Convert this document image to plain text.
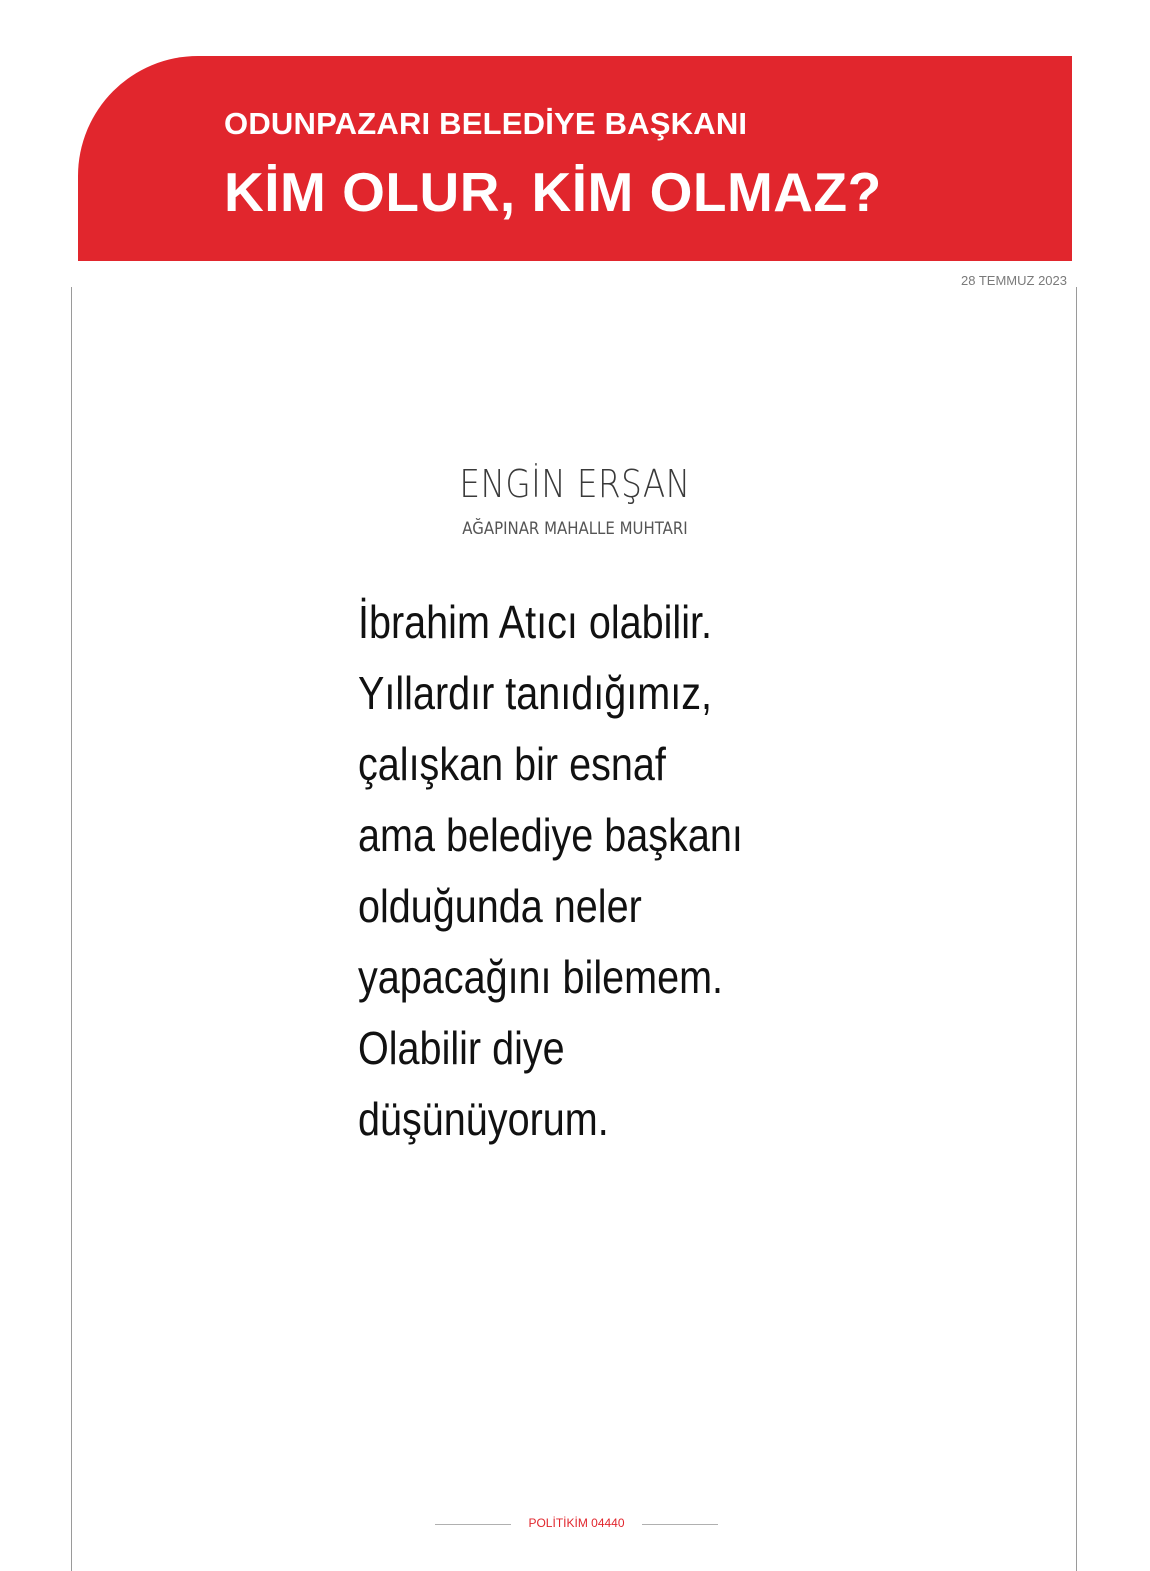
ODUNPAZARI BELEDİYE BAŞKANI
KİM OLUR, KİM OLMAZ?
28 TEMMUZ 2023
ENGİN ERŞAN
AĞAPINAR MAHALLE MUHTARI
İbrahim Atıcı olabilir.
Yıllardır tanıdığımız,
çalışkan bir esnaf
ama belediye başkanı
olduğunda neler
yapacağını bilemem.
Olabilir diye
düşünüyorum.
POLİTİKİM 04440
